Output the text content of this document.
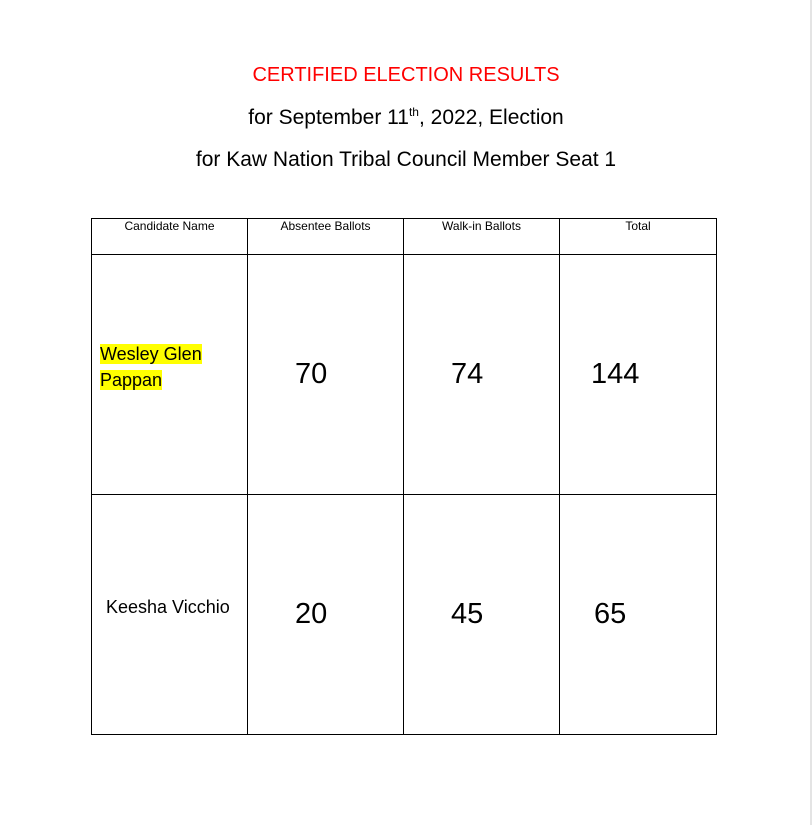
CERTIFIED ELECTION RESULTS
for September 11th, 2022, Election
for Kaw Nation Tribal Council Member Seat 1
Candidate Name	Absentee Ballots	Walk-in Ballots	Total

Wesley Glen
Pappan	70	74	144

Keesha Vicchio	20	45	65
